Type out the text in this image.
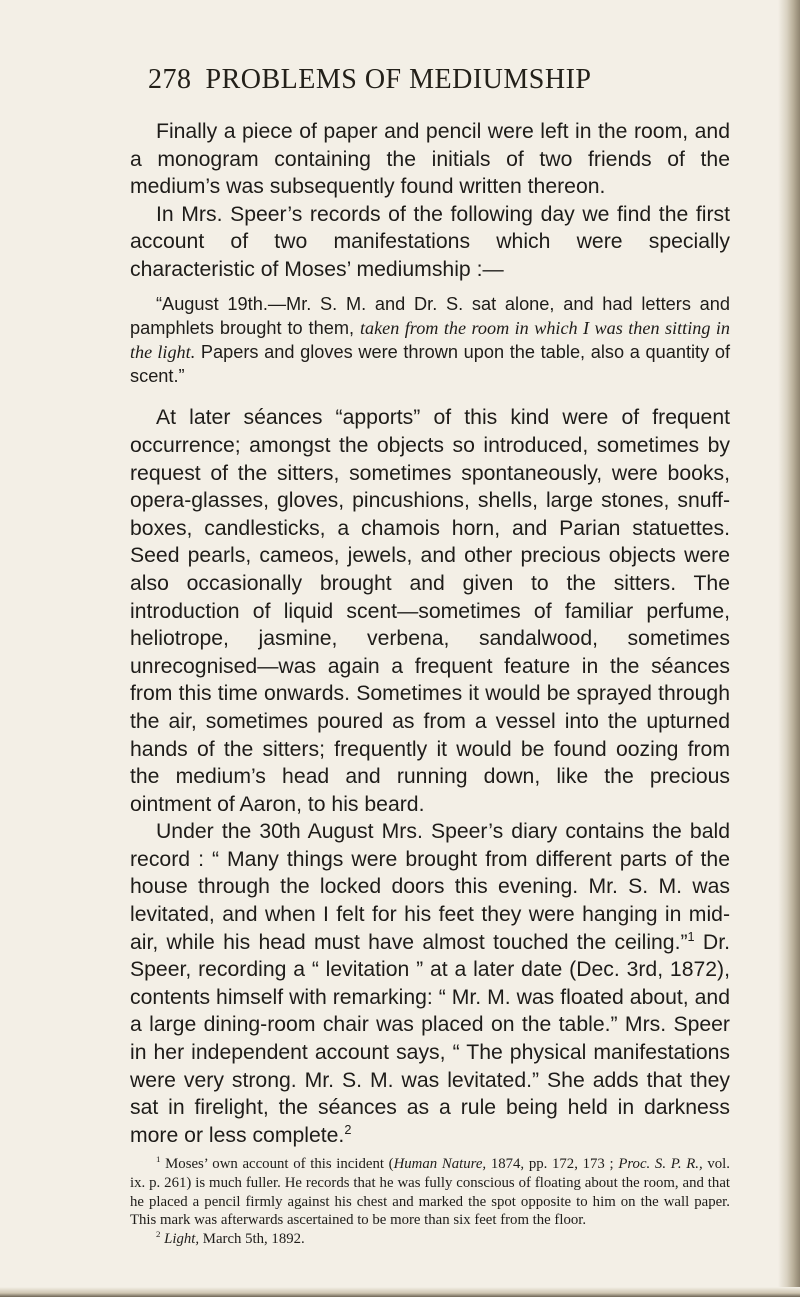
278 PROBLEMS OF MEDIUMSHIP

Finally a piece of paper and pencil were left in the room, and a monogram containing the initials of two friends of the medium’s was subsequently found written thereon.

In Mrs. Speer’s records of the following day we find the first account of two manifestations which were specially characteristic of Moses’ mediumship :—

“August 19th.—Mr. S. M. and Dr. S. sat alone, and had letters and pamphlets brought to them, taken from the room in which I was then sitting in the light. Papers and gloves were thrown upon the table, also a quantity of scent.”

At later séances “apports” of this kind were of frequent occurrence; amongst the objects so introduced, sometimes by request of the sitters, sometimes spontaneously, were books, opera-glasses, gloves, pincushions, shells, large stones, snuff-boxes, candlesticks, a chamois horn, and Parian statuettes. Seed pearls, cameos, jewels, and other precious objects were also occasionally brought and given to the sitters. The introduction of liquid scent—sometimes of familiar perfume, heliotrope, jasmine, verbena, sandalwood, sometimes unrecognised—was again a frequent feature in the séances from this time onwards. Sometimes it would be sprayed through the air, sometimes poured as from a vessel into the upturned hands of the sitters; frequently it would be found oozing from the medium’s head and running down, like the precious ointment of Aaron, to his beard.

Under the 30th August Mrs. Speer’s diary contains the bald record : “ Many things were brought from different parts of the house through the locked doors this evening. Mr. S. M. was levitated, and when I felt for his feet they were hanging in mid-air, while his head must have almost touched the ceiling.”$^1$ Dr. Speer, recording a “ levitation ” at a later date (Dec. 3rd, 1872), contents himself with remarking: “ Mr. M. was floated about, and a large dining-room chair was placed on the table.” Mrs. Speer in her independent account says, “ The physical manifestations were very strong. Mr. S. M. was levitated.” She adds that they sat in firelight, the séances as a rule being held in darkness more or less complete.$^2$

$^1$ Moses’ own account of this incident (Human Nature, 1874, pp. 172, 173 ; Proc. S. P. R., vol. ix. p. 261) is much fuller. He records that he was fully conscious of floating about the room, and that he placed a pencil firmly against his chest and marked the spot opposite to him on the wall paper. This mark was afterwards ascertained to be more than six feet from the floor.

$^2$ Light, March 5th, 1892.
